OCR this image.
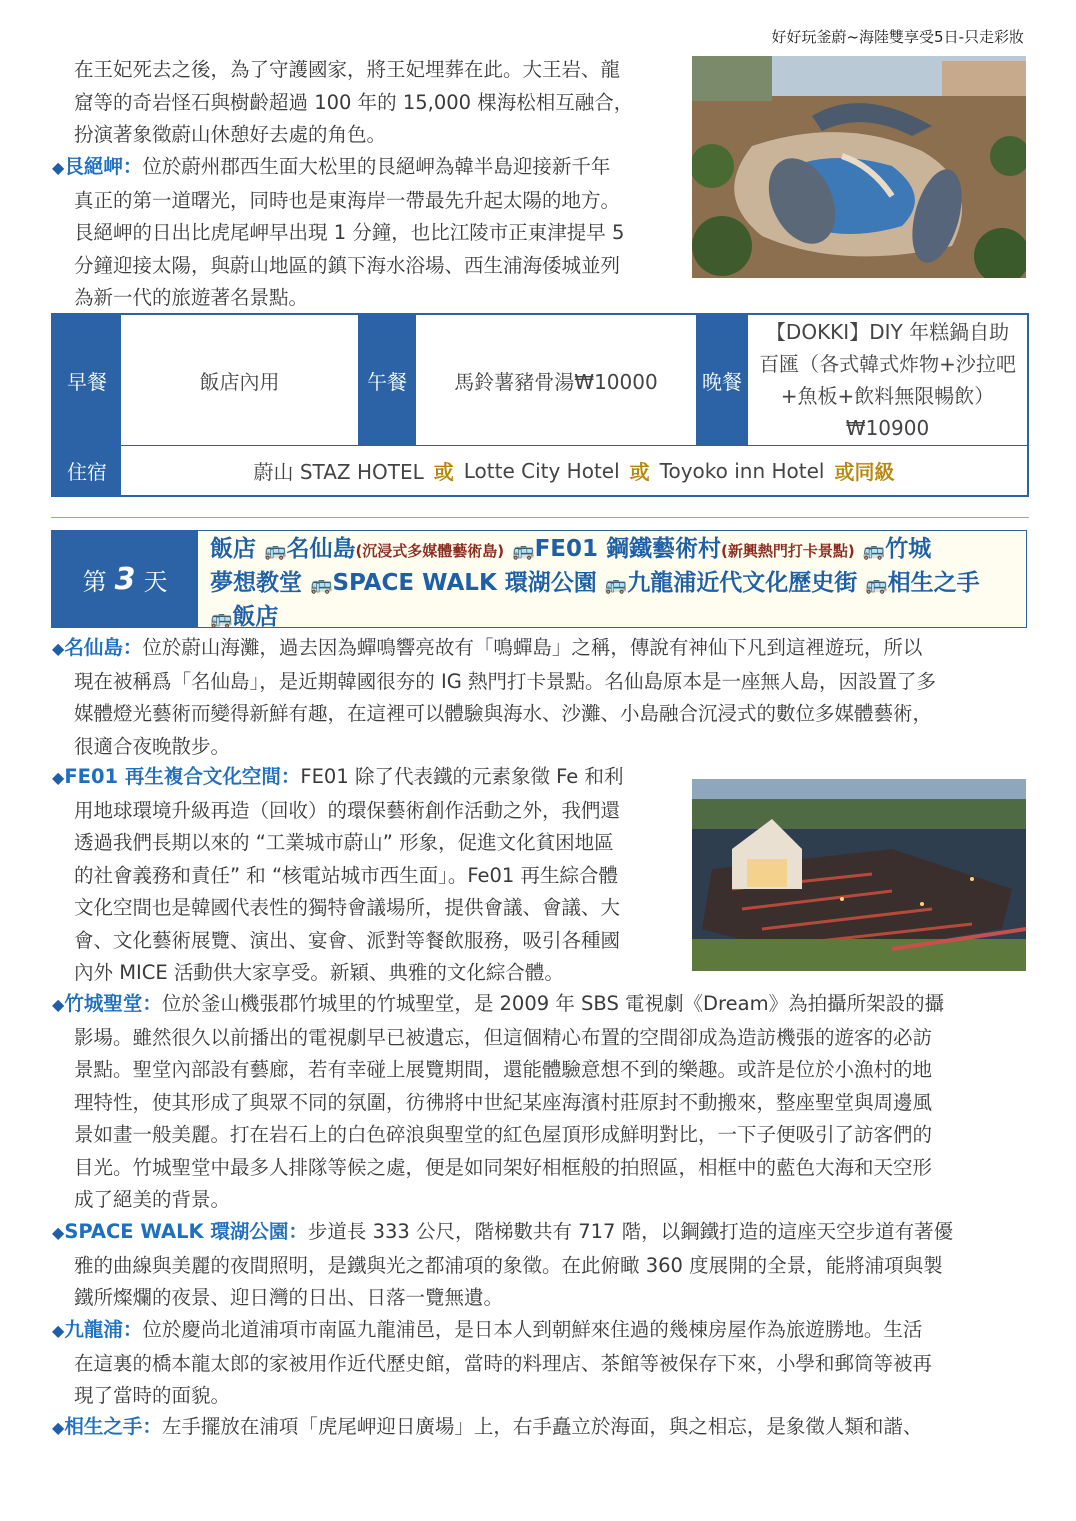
好好玩釜蔚~海陸雙享受5日-只走彩妝
在王妃死去之後，為了守護國家，將王妃埋葬在此。大王岩、龍
窟等的奇岩怪石與樹齡超過 100 年的 15,000 棵海松相互融合，
扮演著象徵蔚山休憩好去處的角色。
◆艮絕岬：位於蔚州郡西生面大松里的艮絕岬為韓半島迎接新千年
真正的第一道曙光，同時也是東海岸一帶最先升起太陽的地方。
艮絕岬的日出比虎尾岬早出現 1 分鐘，也比江陵市正東津提早 5
分鐘迎接太陽，與蔚山地區的鎮下海水浴場、西生浦海倭城並列
為新一代的旅遊著名景點。
早餐	飯店內用	午餐	馬鈴薯豬骨湯₩10000	晚餐
【DOKKI】DIY 年糕鍋自助
百匯（各式韓式炸物+沙拉吧
+魚板+飲料無限暢飲）
₩10900
住宿	蔚山 STAZ HOTEL 或 Lotte City Hotel 或 Toyoko inn Hotel 或同級
第 3 天
飯店 🚌名仙島(沉浸式多媒體藝術島) 🚌FE01 鋼鐵藝術村(新興熱門打卡景點) 🚌竹城
夢想教堂 🚌SPACE WALK 環湖公園 🚌九龍浦近代文化歷史街 🚌相生之手
🚌飯店
◆名仙島：位於蔚山海灘，過去因為蟬鳴響亮故有「鳴蟬島」之稱，傳說有神仙下凡到這裡遊玩，所以
現在被稱爲「名仙島」，是近期韓國很夯的 IG 熱門打卡景點。名仙島原本是一座無人島，因設置了多
媒體燈光藝術而變得新鮮有趣，在這裡可以體驗與海水、沙灘、小島融合沉浸式的數位多媒體藝術，
很適合夜晚散步。
◆FE01 再生複合文化空間：FE01 除了代表鐵的元素象徵 Fe 和利
用地球環境升級再造（回收）的環保藝術創作活動之外，我們還
透過我們長期以來的 “工業城市蔚山” 形象，促進文化貧困地區
的社會義務和責任” 和 “核電站城市西生面」。Fe01 再生綜合體
文化空間也是韓國代表性的獨特會議場所，提供會議、會議、大
會、文化藝術展覽、演出、宴會、派對等餐飲服務，吸引各種國
內外 MICE 活動供大家享受。新穎、典雅的文化綜合體。
◆竹城聖堂：位於釜山機張郡竹城里的竹城聖堂，是 2009 年 SBS 電視劇《Dream》為拍攝所架設的攝
影場。雖然很久以前播出的電視劇早已被遺忘，但這個精心布置的空間卻成為造訪機張的遊客的必訪
景點。聖堂內部設有藝廊，若有幸碰上展覽期間，還能體驗意想不到的樂趣。或許是位於小漁村的地
理特性，使其形成了與眾不同的氛圍，彷彿將中世紀某座海濱村莊原封不動搬來，整座聖堂與周邊風
景如畫一般美麗。打在岩石上的白色碎浪與聖堂的紅色屋頂形成鮮明對比，一下子便吸引了訪客們的
目光。竹城聖堂中最多人排隊等候之處，便是如同架好相框般的拍照區，相框中的藍色大海和天空形
成了絕美的背景。
◆SPACE WALK 環湖公園：步道長 333 公尺，階梯數共有 717 階，以鋼鐵打造的這座天空步道有著優
雅的曲線與美麗的夜間照明，是鐵與光之都浦項的象徵。在此俯瞰 360 度展開的全景，能將浦項與製
鐵所燦爛的夜景、迎日灣的日出、日落一覽無遺。
◆九龍浦：位於慶尚北道浦項市南區九龍浦邑，是日本人到朝鮮來住過的幾棟房屋作為旅遊勝地。生活
在這裏的橋本龍太郎的家被用作近代歷史館，當時的料理店、茶館等被保存下來，小學和郵筒等被再
現了當時的面貌。
◆相生之手：左手擺放在浦項「虎尾岬迎日廣場」上，右手矗立於海面，與之相忘，是象徵人類和諧、
